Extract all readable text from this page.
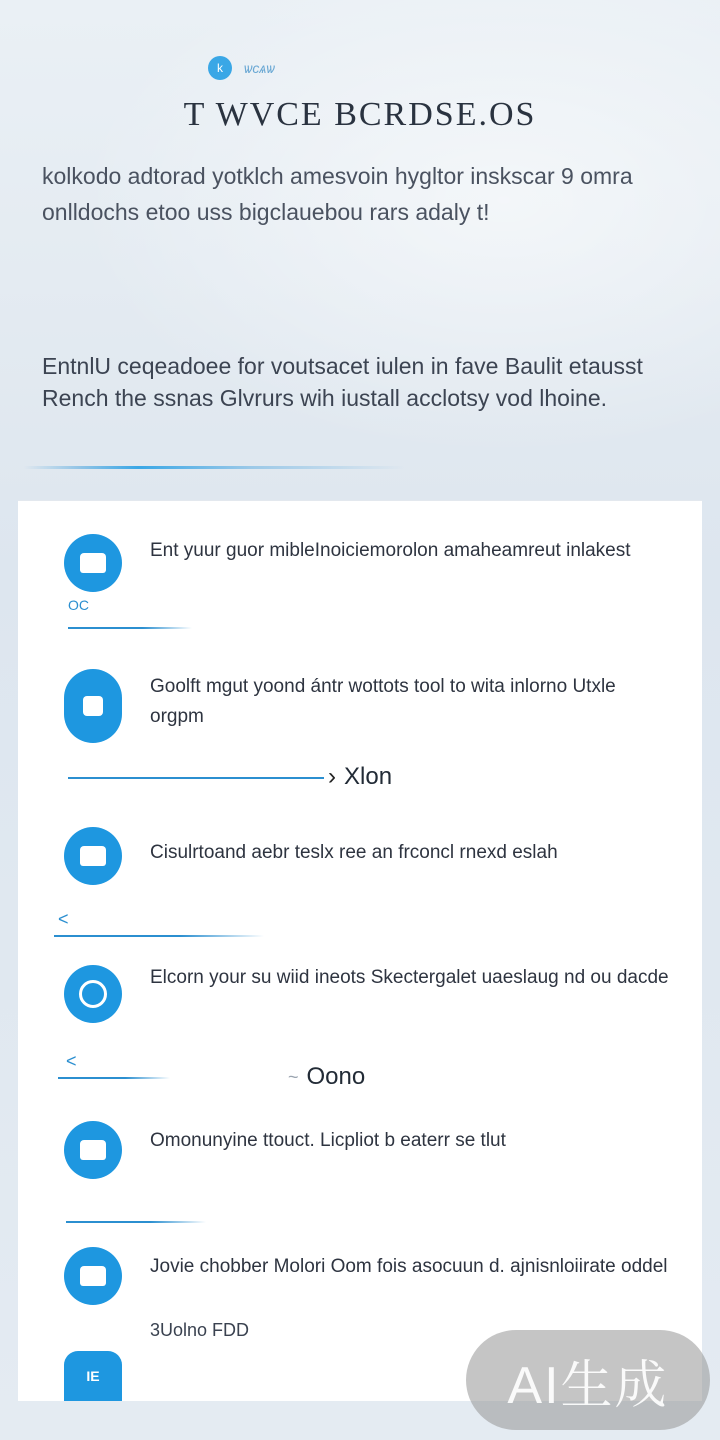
k	ѡсѧѡ
T WVCE BCRDSE.OS
kolkodo adtorad yotklch amesvoin hygltor inskscar 9 omra onlldochs etoo uss bigclauebou rars adaly t!
EntnlU ceqeadoee for voutsacet iulen in fave Baulit etausst Rench the ssnas Glvrurs wih iustall acclotsy vod lhoine.
Ent yuur guor mibleInoiciemorolon amaheamreut inlakest
OC
Goolft mgut yoond ántr wottots tool to wita inlorno Utxle orgpm
› Xlon
Cisulrtoand aebr teslx ree an frconcl rnexd eslah
<
Elcorn your su wiid ineots Skectergalet uaeslaug nd ou dacde
<
~ Oono
Omonunyine ttouct. Licpliot b eaterr se tlut
Jovie chobber Molori Oom fois asocuun d. ajnisnloiirate oddel
3Uolno FDD
IE	AI生成
